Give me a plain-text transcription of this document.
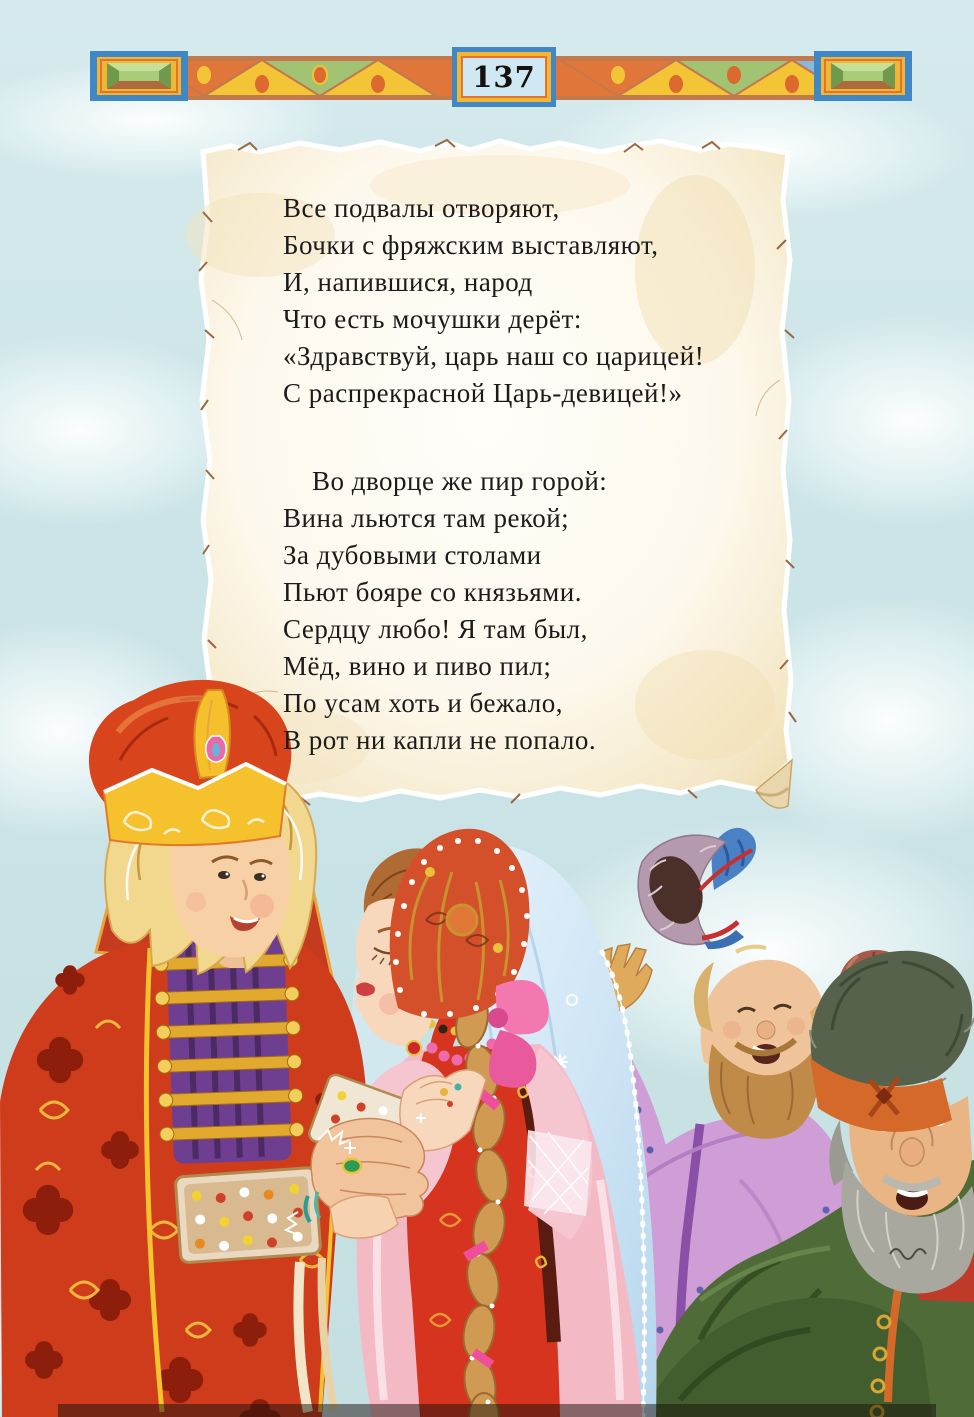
137
Все подвалы отворяют,
Бочки с фряжским выставляют,
И, напившися, народ
Что есть мочушки дерёт:
«Здравствуй, царь наш со царицей!
С распрекрасной Царь-девицей!»
Во дворце же пир горой:
Вина льются там рекой;
За дубовыми столами
Пьют бояре со князьями.
Сердцу любо! Я там был,
Мёд, вино и пиво пил;
По усам хоть и бежало,
В рот ни капли не попало.
